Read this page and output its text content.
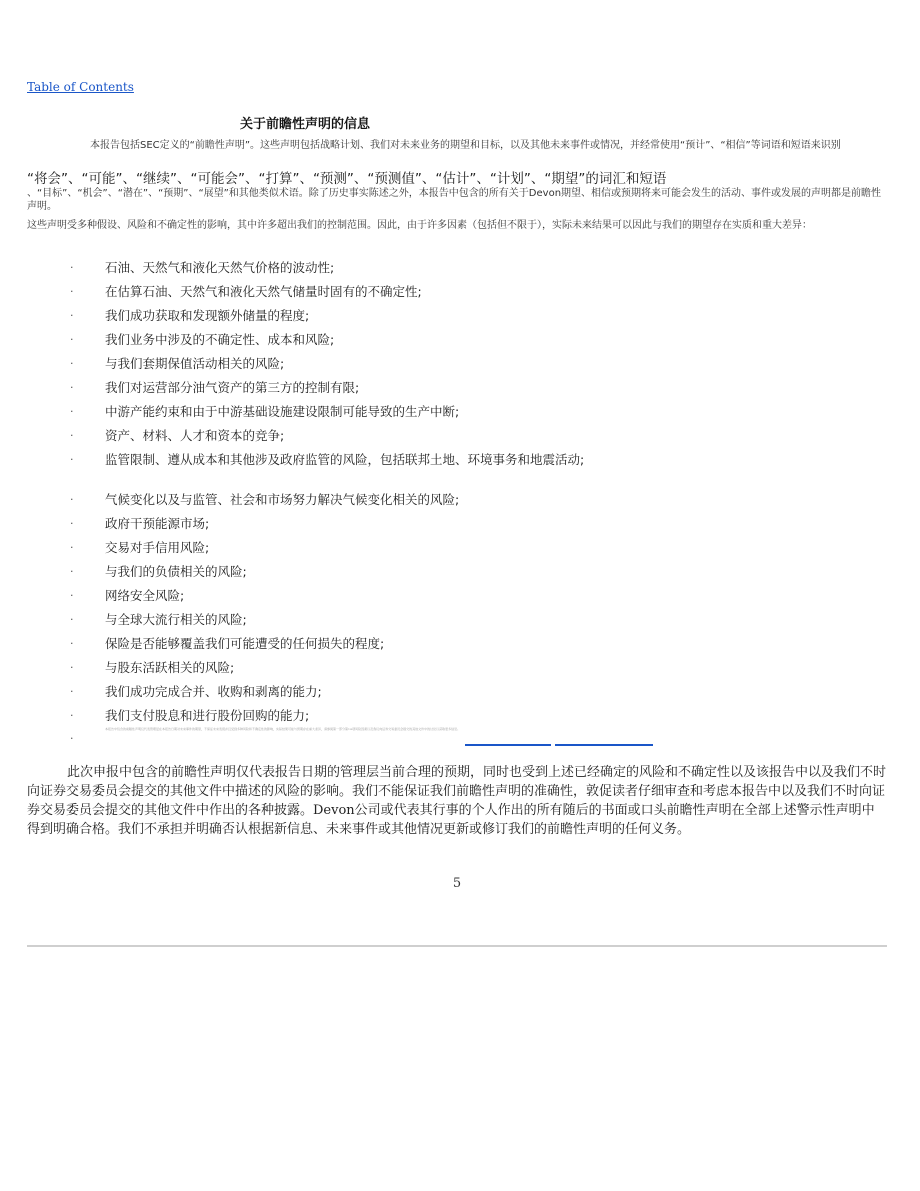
Table of Contents
关于前瞻性声明的信息
本报告包括SEC定义的“前瞻性声明”。这些声明包括战略计划、我们对未来业务的期望和目标，以及其他未来事件或情况，并经常使用“预计”、“相信”等词语和短语来识别
“将会”、“可能”、“继续”、“可能会”、“打算”、“预测”、“预测值”、“估计”、“计划”、“期望”的词汇和短语
、“目标”、“机会”、“潜在”、“预期”、“展望”和其他类似术语。除了历史事实陈述之外，本报告中包含的所有关于Devon期望、相信或预期将来可能会发生的活动、事件或发展的声明都是前瞻性声明。
这些声明受多种假设、风险和不确定性的影响，其中许多超出我们的控制范围。因此，由于许多因素（包括但不限于），实际未来结果可以因此与我们的期望存在实质和重大差异：
·	石油、天然气和液化天然气价格的波动性;
·	在估算石油、天然气和液化天然气储量时固有的不确定性;
·	我们成功获取和发现额外储量的程度;
·	我们业务中涉及的不确定性、成本和风险;
·	与我们套期保值活动相关的风险;
·	我们对运营部分油气资产的第三方的控制有限;
·	中游产能约束和由于中游基础设施建设限制可能导致的生产中断;
·	资产、材料、人才和资本的竞争;
·	监管限制、遵从成本和其他涉及政府监管的风险，包括联邦土地、环境事务和地震活动;
·	气候变化以及与监管、社会和市场努力解决气候变化相关的风险;
·	政府干预能源市场;
·	交易对手信用风险;
·	与我们的负债相关的风险;
·	网络安全风险;
·	与全球大流行相关的风险;
·	保险是否能够覆盖我们可能遭受的任何损失的程度;
·	与股东活跃相关的风险;
·	我们成功完成合并、收购和剥离的能力;
·	我们支付股息和进行股份回购的能力;
·
本报告中包含的前瞻性声明仅代表管理层在本报告日期对未来事件的期望，不保证未来表现并且受到多种风险和不确定性的影响，实际结果可能与预期存在重大差异，请参阅第一部分第1A项风险因素以及我们向证券交易委员会提交的其他文件中的讨论以获取更多信息。
此次申报中包含的前瞻性声明仅代表报告日期的管理层当前合理的预期，同时也受到上述已经确定的风险和不确定性以及该报告中以及我们不时向证券交易委员会提交的其他文件中描述的风险的影响。我们不能保证我们前瞻性声明的准确性，敦促读者仔细审查和考虑本报告中以及我们不时向证券交易委员会提交的其他文件中作出的各种披露。Devon公司或代表其行事的个人作出的所有随后的书面或口头前瞻性声明在全部上述警示性声明中得到明确合格。我们不承担并明确否认根据新信息、未来事件或其他情况更新或修订我们的前瞻性声明的任何义务。
5
